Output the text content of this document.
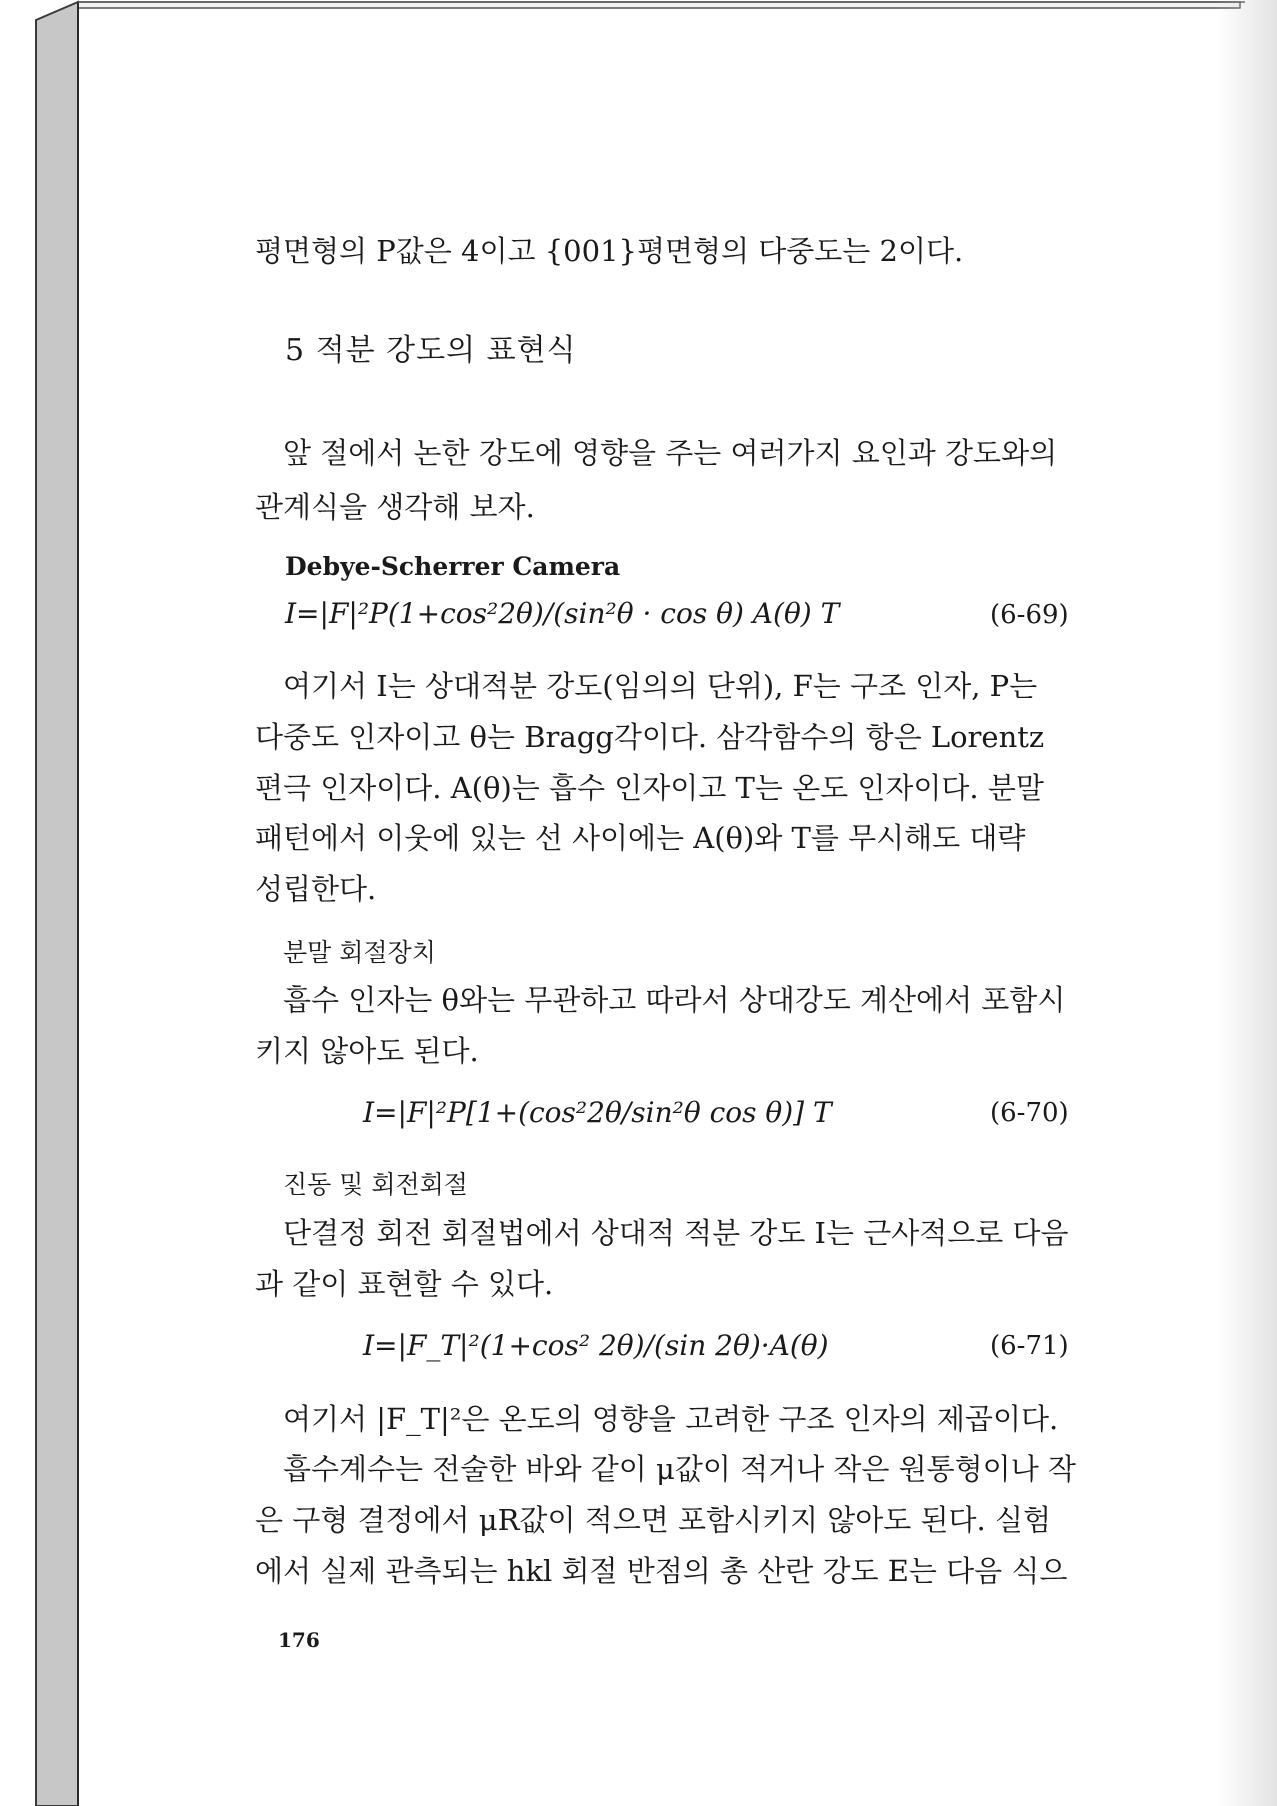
평면형의 P값은 4이고 {001}평면형의 다중도는 2이다.
5 적분 강도의 표현식
앞 절에서 논한 강도에 영향을 주는 여러가지 요인과 강도와의
관계식을 생각해 보자.
Debye-Scherrer Camera
I=|F|²P(1+cos²2θ)/(sin²θ · cos θ) A(θ) T	(6-69)
여기서 I는 상대적분 강도(임의의 단위), F는 구조 인자, P는
다중도 인자이고 θ는 Bragg각이다. 삼각함수의 항은 Lorentz
편극 인자이다. A(θ)는 흡수 인자이고 T는 온도 인자이다. 분말
패턴에서 이웃에 있는 선 사이에는 A(θ)와 T를 무시해도 대략
성립한다.
분말 회절장치
흡수 인자는 θ와는 무관하고 따라서 상대강도 계산에서 포함시
키지 않아도 된다.
I=|F|²P[1+(cos²2θ/sin²θ cos θ)] T	(6-70)
진동 및 회전회절
단결정 회전 회절법에서 상대적 적분 강도 I는 근사적으로 다음
과 같이 표현할 수 있다.
I=|F_T|²(1+cos² 2θ)/(sin 2θ)·A(θ)	(6-71)
여기서 |F_T|²은 온도의 영향을 고려한 구조 인자의 제곱이다.
흡수계수는 전술한 바와 같이 μ값이 적거나 작은 원통형이나 작
은 구형 결정에서 μR값이 적으면 포함시키지 않아도 된다. 실험
에서 실제 관측되는 hkl 회절 반점의 총 산란 강도 E는 다음 식으
176
